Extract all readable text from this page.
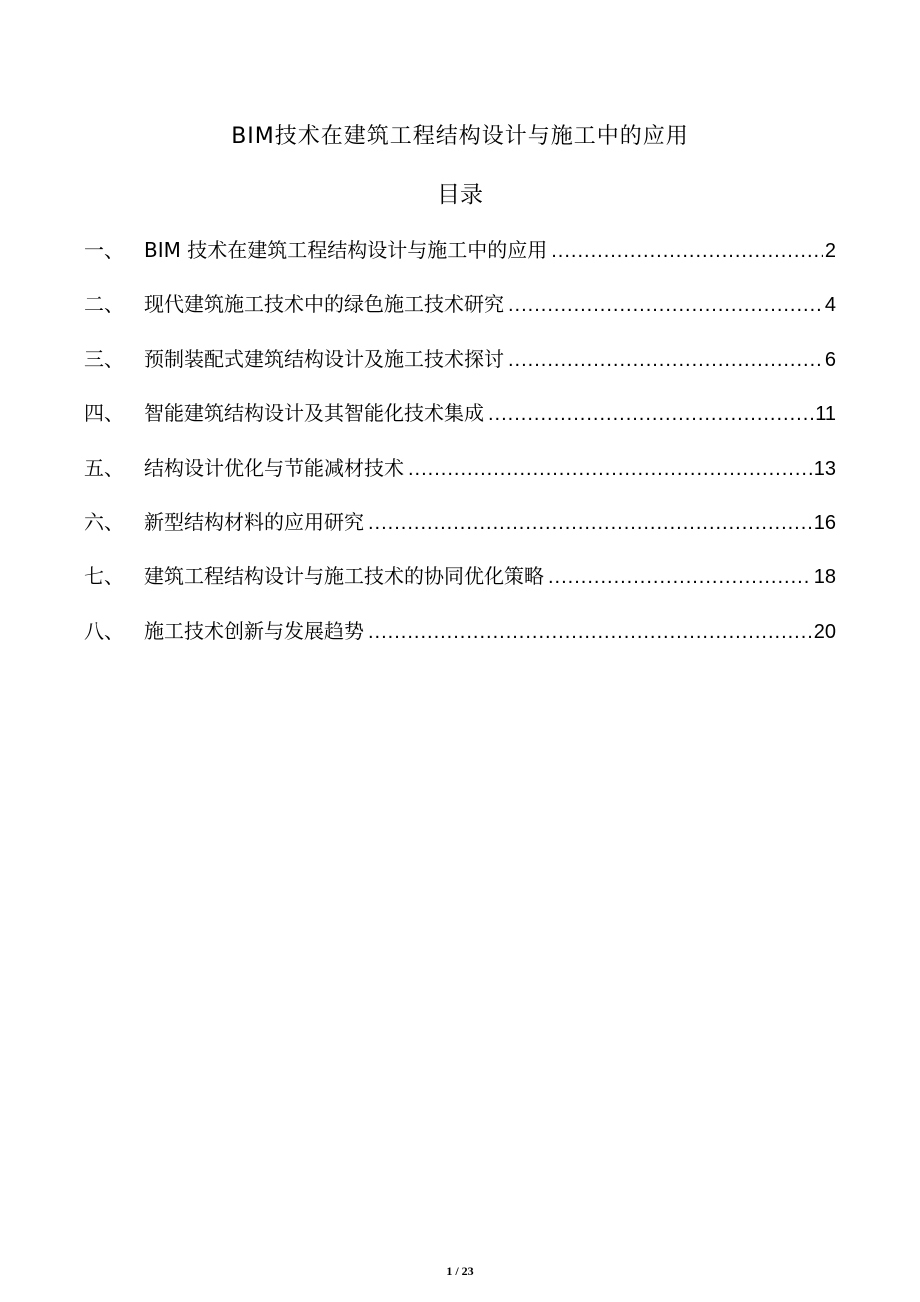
BIM技术在建筑工程结构设计与施工中的应用
目录
一、	BIM 技术在建筑工程结构设计与施工中的应用 .....	2
二、	现代建筑施工技术中的绿色施工技术研究 .....	4
三、	预制装配式建筑结构设计及施工技术探讨 .....	6
四、	智能建筑结构设计及其智能化技术集成 .....	11
五、	结构设计优化与节能减材技术 .....	13
六、	新型结构材料的应用研究 .....	16
七、	建筑工程结构设计与施工技术的协同优化策略 .....	18
八、	施工技术创新与发展趋势 .....	20
1 / 23
